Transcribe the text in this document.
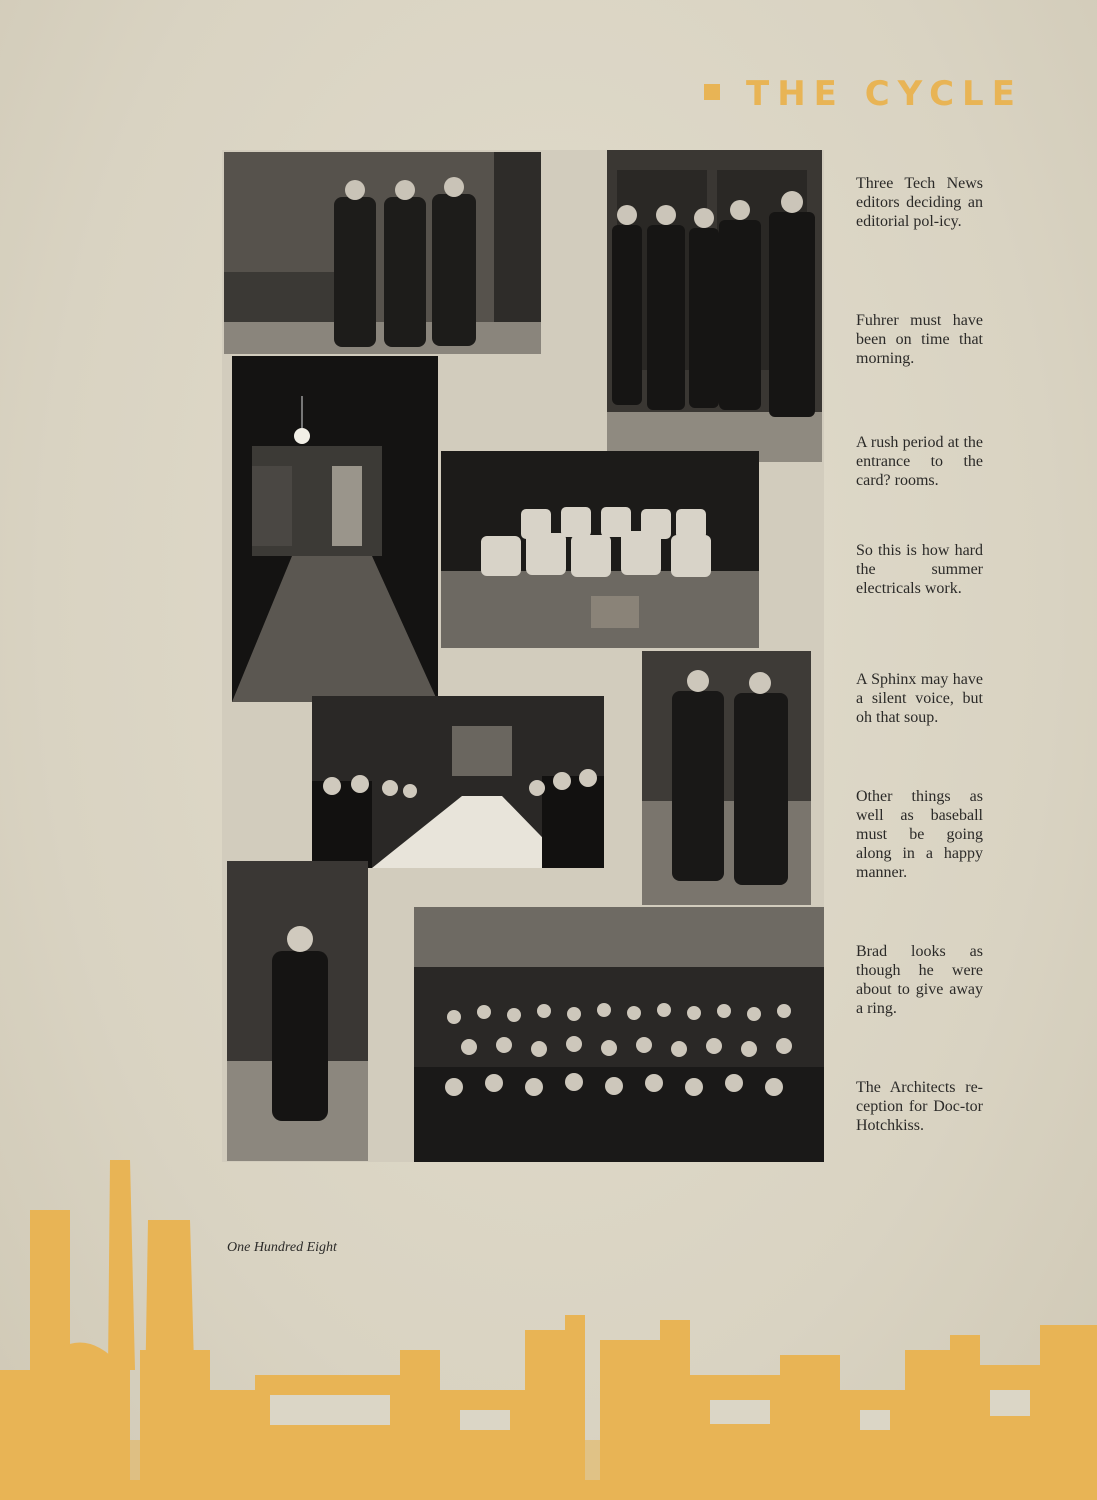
THE CYCLE
Three Tech News editors deciding an editorial pol-icy.
Fuhrer must have been on time that morning.
A rush period at the entrance to the card? rooms.
So this is how hard the summer electricals work.
A Sphinx may have a silent voice, but oh that soup.
Other things as well as baseball must be going along in a happy manner.
Brad looks as though he were about to give away a ring.
The Architects re-ception for Doc-tor Hotchkiss.
One Hundred Eight
